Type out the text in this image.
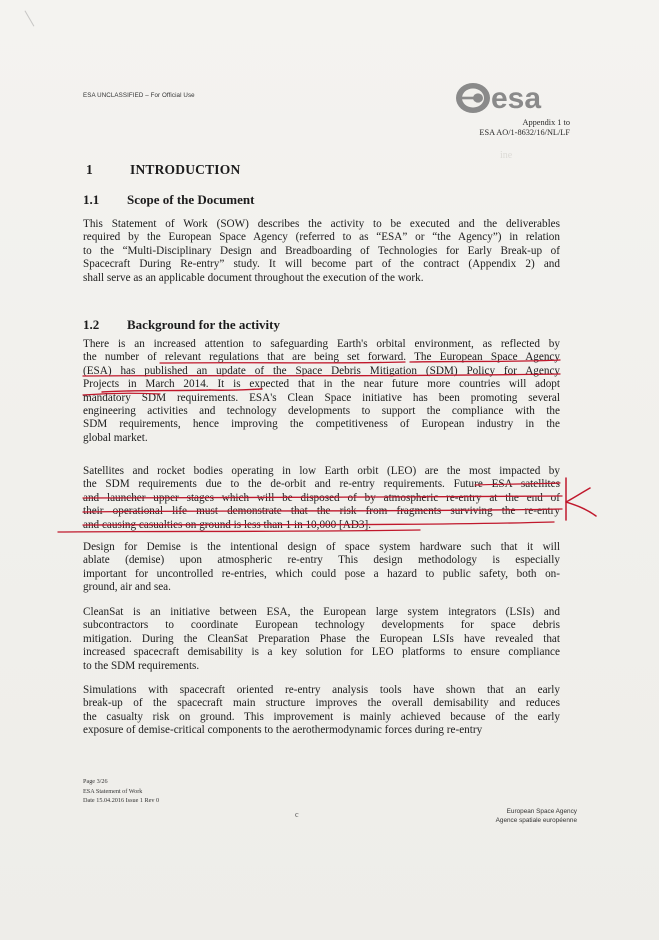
ESA UNCLASSIFIED – For Official Use	esa
Appendix 1 to
ESA AO/1-8632/16/NL/LF
ine
1	INTRODUCTION
1.1 Scope of the Document
This Statement of Work (SOW) describes the activity to be executed and the deliverables
required by the European Space Agency (referred to as “ESA” or “the Agency”) in relation
to the “Multi-Disciplinary Design and Breadboarding of Technologies for Early Break-up of
Spacecraft During Re-entry” study. It will become part of the contract (Appendix 2) and
shall serve as an applicable document throughout the execution of the work.
1.2 Background for the activity
There is an increased attention to safeguarding Earth's orbital environment, as reflected by
the number of relevant regulations that are being set forward. The European Space Agency
(ESA) has published an update of the Space Debris Mitigation (SDM) Policy for Agency
Projects in March 2014. It is expected that in the near future more countries will adopt
mandatory SDM requirements. ESA's Clean Space initiative has been promoting several
engineering activities and technology developments to support the compliance with the
SDM requirements, hence improving the competitiveness of European industry in the
global market.
Satellites and rocket bodies operating in low Earth orbit (LEO) are the most impacted by
the SDM requirements due to the de-orbit and re-entry requirements. Future ESA satellites
and launcher upper stages which will be disposed of by atmospheric re-entry at the end of
their operational life must demonstrate that the risk from fragments surviving the re-entry
and causing casualties on ground is less than 1 in 10,000 [AD3].
Design for Demise is the intentional design of space system hardware such that it will
ablate (demise) upon atmospheric re-entry This design methodology is especially
important for uncontrolled re-entries, which could pose a hazard to public safety, both on-
ground, air and sea.
CleanSat is an initiative between ESA, the European large system integrators (LSIs) and
subcontractors to coordinate European technology developments for space debris
mitigation. During the CleanSat Preparation Phase the European LSIs have revealed that
increased spacecraft demisability is a key solution for LEO platforms to ensure compliance
to the SDM requirements.
Simulations with spacecraft oriented re-entry analysis tools have shown that an early
break-up of the spacecraft main structure improves the overall demisability and reduces
the casualty risk on ground. This improvement is mainly achieved because of the early
exposure of demise-critical components to the aerothermodynamic forces during re-entry
Page 3/26
ESA Statement of Work
Date 15.04.2016 Issue 1 Rev 0
c	European Space Agency
Agence spatiale européenne
